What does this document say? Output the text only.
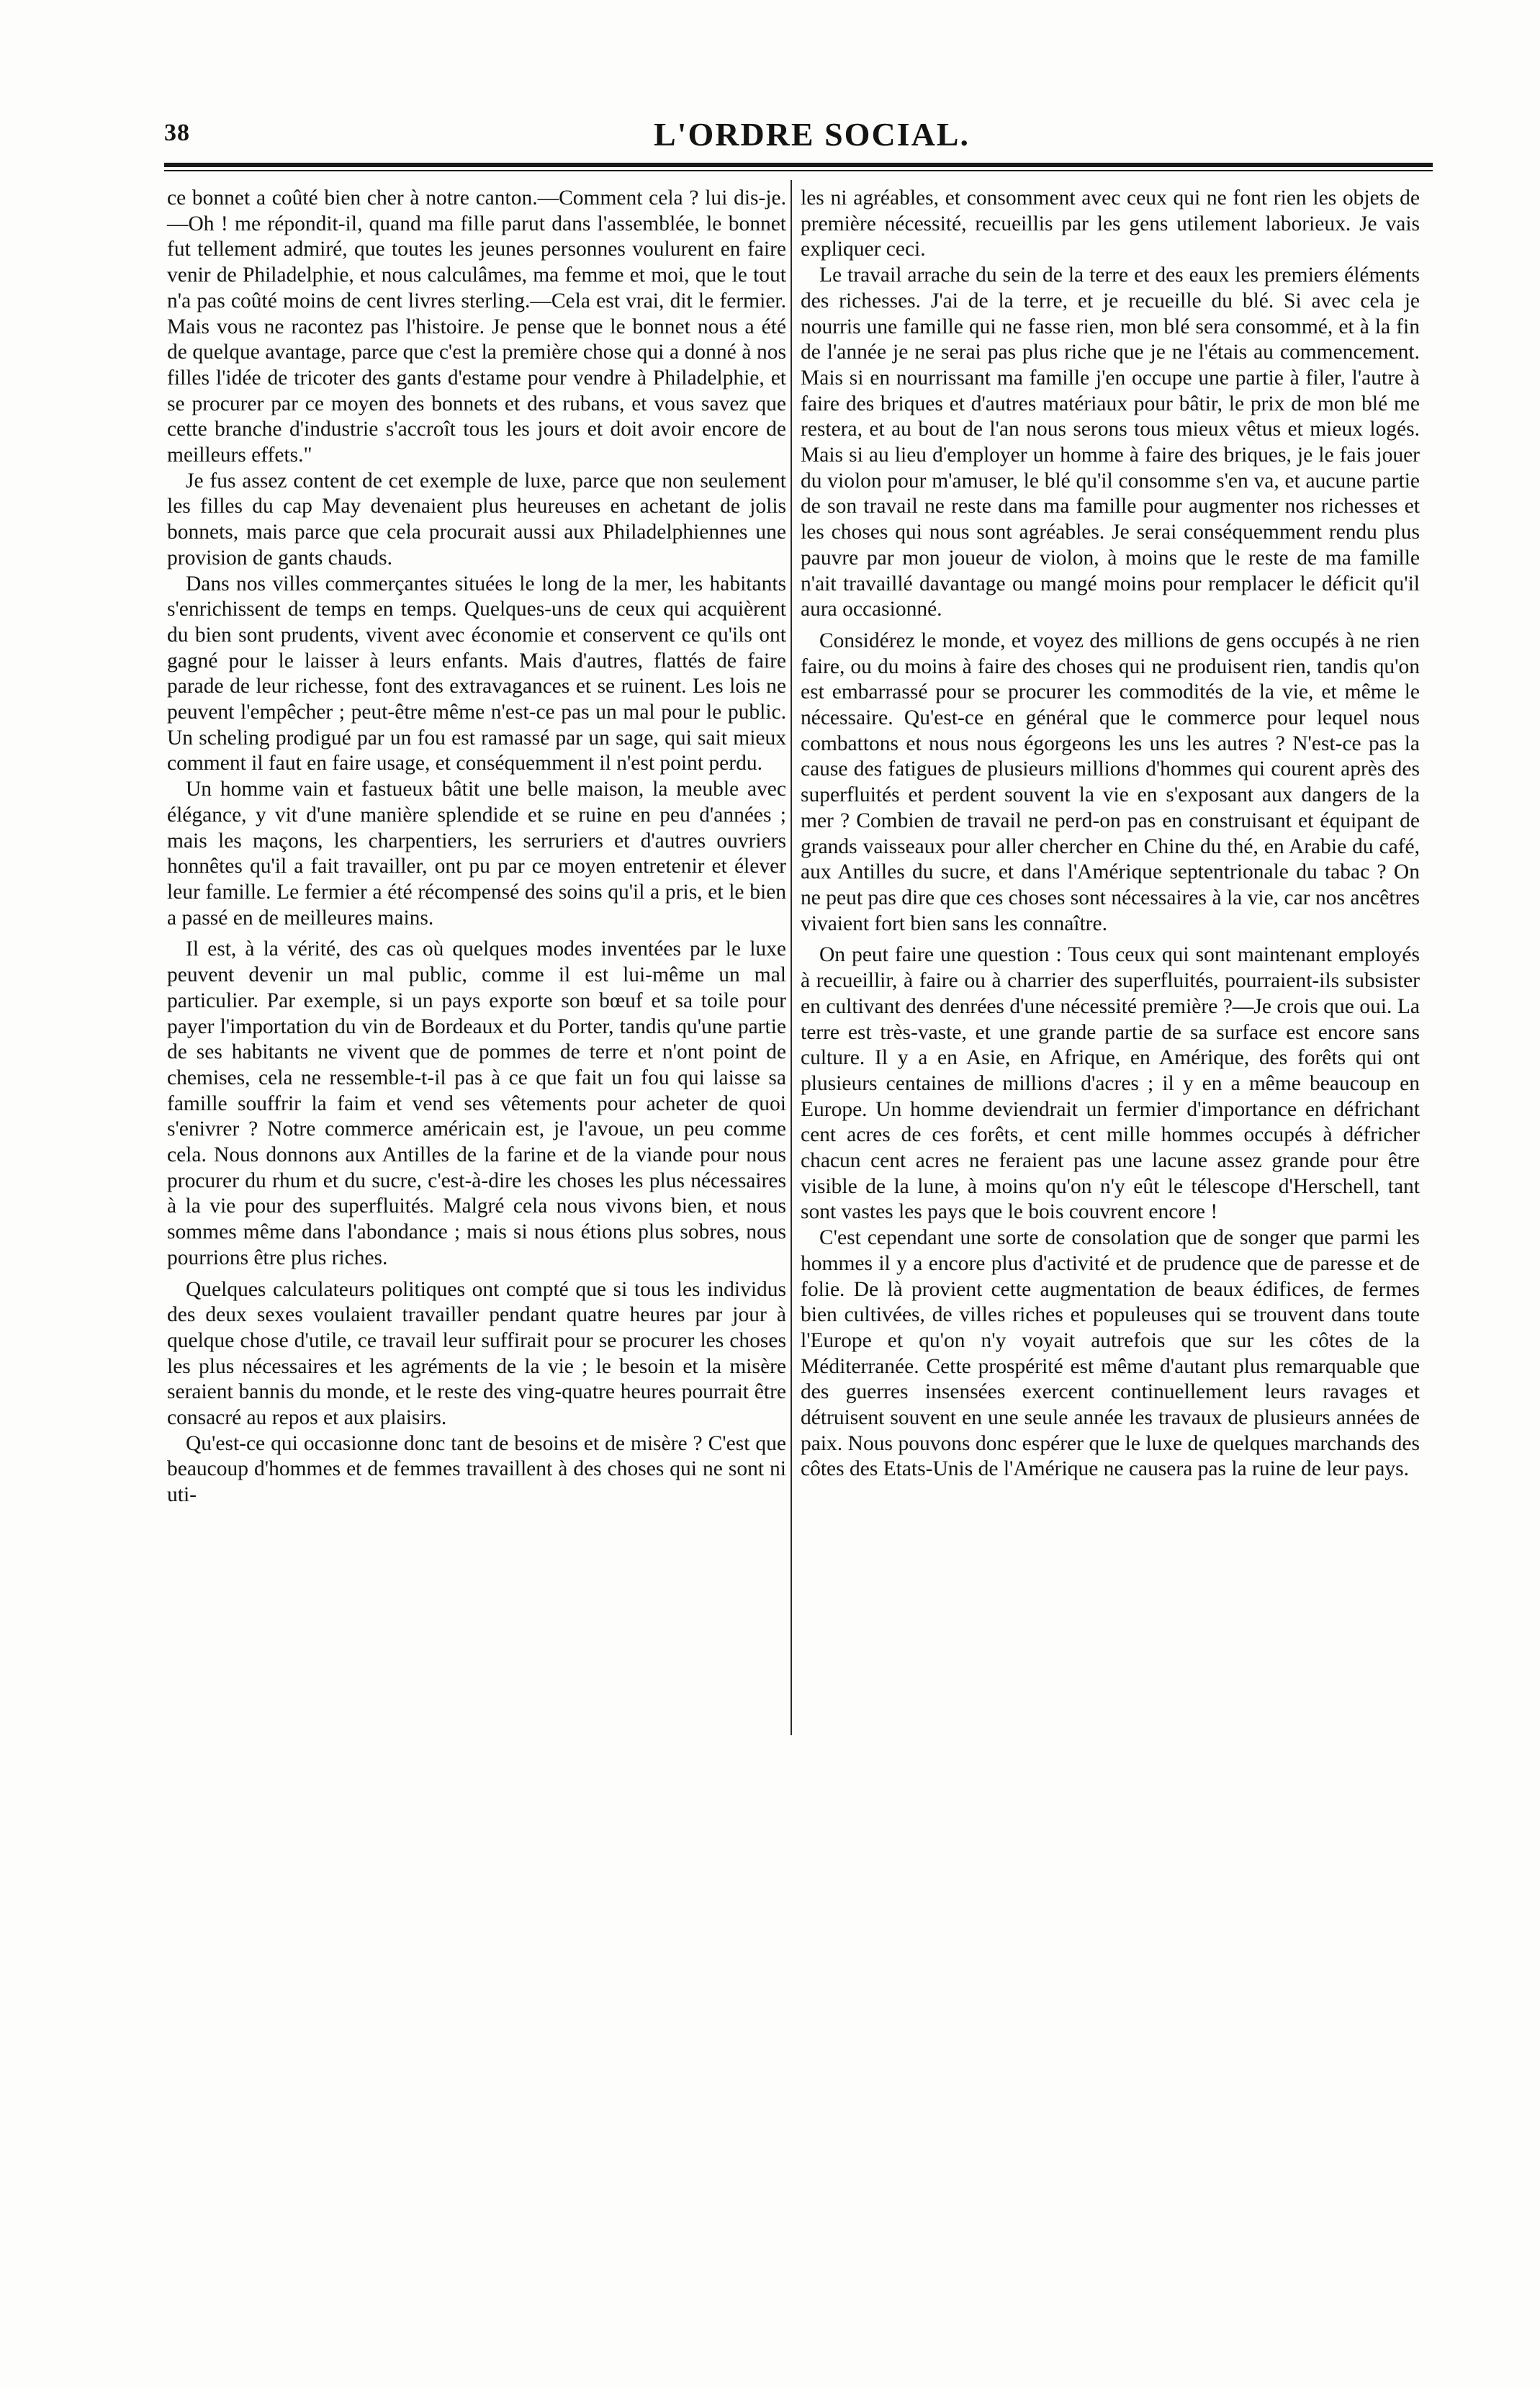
38	L'ORDRE SOCIAL.

ce bonnet a coûté bien cher à notre canton.—Comment cela ? lui dis-je.—Oh ! me répondit-il, quand ma fille parut dans l'assemblée, le bonnet fut tellement admiré, que toutes les jeunes personnes voulurent en faire venir de Philadelphie, et nous calculâmes, ma femme et moi, que le tout n'a pas coûté moins de cent livres sterling.—Cela est vrai, dit le fermier. Mais vous ne racontez pas l'histoire. Je pense que le bonnet nous a été de quelque avantage, parce que c'est la première chose qui a donné à nos filles l'idée de tricoter des gants d'estame pour vendre à Philadelphie, et se procurer par ce moyen des bonnets et des rubans, et vous savez que cette branche d'industrie s'accroît tous les jours et doit avoir encore de meilleurs effets."

Je fus assez content de cet exemple de luxe, parce que non seulement les filles du cap May devenaient plus heureuses en achetant de jolis bonnets, mais parce que cela procurait aussi aux Philadelphiennes une provision de gants chauds.

Dans nos villes commerçantes situées le long de la mer, les habitants s'enrichissent de temps en temps. Quelques-uns de ceux qui acquièrent du bien sont prudents, vivent avec économie et conservent ce qu'ils ont gagné pour le laisser à leurs enfants. Mais d'autres, flattés de faire parade de leur richesse, font des extravagances et se ruinent. Les lois ne peuvent l'empêcher ; peut-être même n'est-ce pas un mal pour le public. Un scheling prodigué par un fou est ramassé par un sage, qui sait mieux comment il faut en faire usage, et conséquemment il n'est point perdu.

Un homme vain et fastueux bâtit une belle maison, la meuble avec élégance, y vit d'une manière splendide et se ruine en peu d'années ; mais les maçons, les charpentiers, les serruriers et d'autres ouvriers honnêtes qu'il a fait travailler, ont pu par ce moyen entretenir et élever leur famille. Le fermier a été récompensé des soins qu'il a pris, et le bien a passé en de meilleures mains.

Il est, à la vérité, des cas où quelques modes inventées par le luxe peuvent devenir un mal public, comme il est lui-même un mal particulier. Par exemple, si un pays exporte son bœuf et sa toile pour payer l'importation du vin de Bordeaux et du Porter, tandis qu'une partie de ses habitants ne vivent que de pommes de terre et n'ont point de chemises, cela ne ressemble-t-il pas à ce que fait un fou qui laisse sa famille souffrir la faim et vend ses vêtements pour acheter de quoi s'enivrer ? Notre commerce américain est, je l'avoue, un peu comme cela. Nous donnons aux Antilles de la farine et de la viande pour nous procurer du rhum et du sucre, c'est-à-dire les choses les plus nécessaires à la vie pour des superfluités. Malgré cela nous vivons bien, et nous sommes même dans l'abondance ; mais si nous étions plus sobres, nous pourrions être plus riches.

Quelques calculateurs politiques ont compté que si tous les individus des deux sexes voulaient travailler pendant quatre heures par jour à quelque chose d'utile, ce travail leur suffirait pour se procurer les choses les plus nécessaires et les agréments de la vie ; le besoin et la misère seraient bannis du monde, et le reste des ving-quatre heures pourrait être consacré au repos et aux plaisirs.

Qu'est-ce qui occasionne donc tant de besoins et de misère ? C'est que beaucoup d'hommes et de femmes travaillent à des choses qui ne sont ni uti-

les ni agréables, et consomment avec ceux qui ne font rien les objets de première nécessité, recueillis par les gens utilement laborieux. Je vais expliquer ceci.

Le travail arrache du sein de la terre et des eaux les premiers éléments des richesses. J'ai de la terre, et je recueille du blé. Si avec cela je nourris une famille qui ne fasse rien, mon blé sera consommé, et à la fin de l'année je ne serai pas plus riche que je ne l'étais au commencement. Mais si en nourrissant ma famille j'en occupe une partie à filer, l'autre à faire des briques et d'autres matériaux pour bâtir, le prix de mon blé me restera, et au bout de l'an nous serons tous mieux vêtus et mieux logés. Mais si au lieu d'employer un homme à faire des briques, je le fais jouer du violon pour m'amuser, le blé qu'il consomme s'en va, et aucune partie de son travail ne reste dans ma famille pour augmenter nos richesses et les choses qui nous sont agréables. Je serai conséquemment rendu plus pauvre par mon joueur de violon, à moins que le reste de ma famille n'ait travaillé davantage ou mangé moins pour remplacer le déficit qu'il aura occasionné.

Considérez le monde, et voyez des millions de gens occupés à ne rien faire, ou du moins à faire des choses qui ne produisent rien, tandis qu'on est embarrassé pour se procurer les commodités de la vie, et même le nécessaire. Qu'est-ce en général que le commerce pour lequel nous combattons et nous nous égorgeons les uns les autres ? N'est-ce pas la cause des fatigues de plusieurs millions d'hommes qui courent après des superfluités et perdent souvent la vie en s'exposant aux dangers de la mer ? Combien de travail ne perd-on pas en construisant et équipant de grands vaisseaux pour aller chercher en Chine du thé, en Arabie du café, aux Antilles du sucre, et dans l'Amérique septentrionale du tabac ? On ne peut pas dire que ces choses sont nécessaires à la vie, car nos ancêtres vivaient fort bien sans les connaître.

On peut faire une question : Tous ceux qui sont maintenant employés à recueillir, à faire ou à charrier des superfluités, pourraient-ils subsister en cultivant des denrées d'une nécessité première ?—Je crois que oui. La terre est très-vaste, et une grande partie de sa surface est encore sans culture. Il y a en Asie, en Afrique, en Amérique, des forêts qui ont plusieurs centaines de millions d'acres ; il y en a même beaucoup en Europe. Un homme deviendrait un fermier d'importance en défrichant cent acres de ces forêts, et cent mille hommes occupés à défricher chacun cent acres ne feraient pas une lacune assez grande pour être visible de la lune, à moins qu'on n'y eût le télescope d'Herschell, tant sont vastes les pays que le bois couvrent encore !

C'est cependant une sorte de consolation que de songer que parmi les hommes il y a encore plus d'activité et de prudence que de paresse et de folie. De là provient cette augmentation de beaux édifices, de fermes bien cultivées, de villes riches et populeuses qui se trouvent dans toute l'Europe et qu'on n'y voyait autrefois que sur les côtes de la Méditerranée. Cette prospérité est même d'autant plus remarquable que des guerres insensées exercent continuellement leurs ravages et détruisent souvent en une seule année les travaux de plusieurs années de paix. Nous pouvons donc espérer que le luxe de quelques marchands des côtes des Etats-Unis de l'Amérique ne causera pas la ruine de leur pays.
